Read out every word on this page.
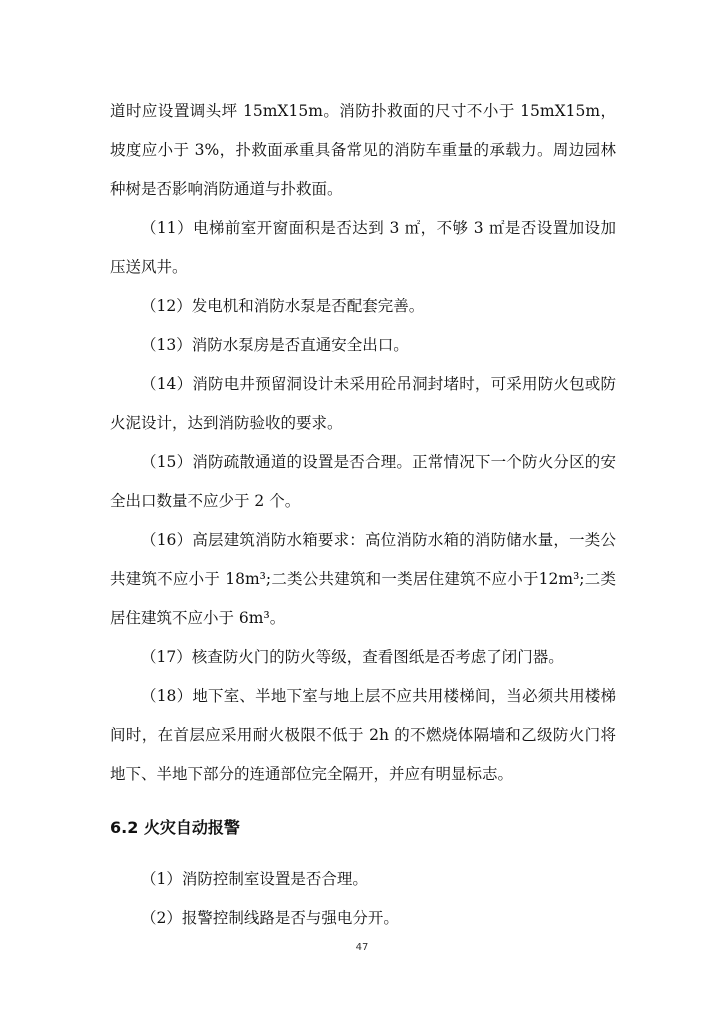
道时应设置调头坪 15mX15m。消防扑救面的尺寸不小于 15mX15m，坡度应小于 3%，扑救面承重具备常见的消防车重量的承载力。周边园林种树是否影响消防通道与扑救面。

（11）电梯前室开窗面积是否达到 3 ㎡，不够 3 ㎡是否设置加设加压送风井。

（12）发电机和消防水泵是否配套完善。

（13）消防水泵房是否直通安全出口。

（14）消防电井预留洞设计未采用砼吊洞封堵时，可采用防火包或防火泥设计，达到消防验收的要求。

（15）消防疏散通道的设置是否合理。正常情况下一个防火分区的安全出口数量不应少于 2 个。

（16）高层建筑消防水箱要求：高位消防水箱的消防储水量，一类公共建筑不应小于 18m³;二类公共建筑和一类居住建筑不应小于12m³;二类居住建筑不应小于 6m³。

（17）核查防火门的防火等级，查看图纸是否考虑了闭门器。

（18）地下室、半地下室与地上层不应共用楼梯间，当必须共用楼梯间时，在首层应采用耐火极限不低于 2h 的不燃烧体隔墙和乙级防火门将地下、半地下部分的连通部位完全隔开，并应有明显标志。

6.2 火灾自动报警

（1）消防控制室设置是否合理。

（2）报警控制线路是否与强电分开。

47
